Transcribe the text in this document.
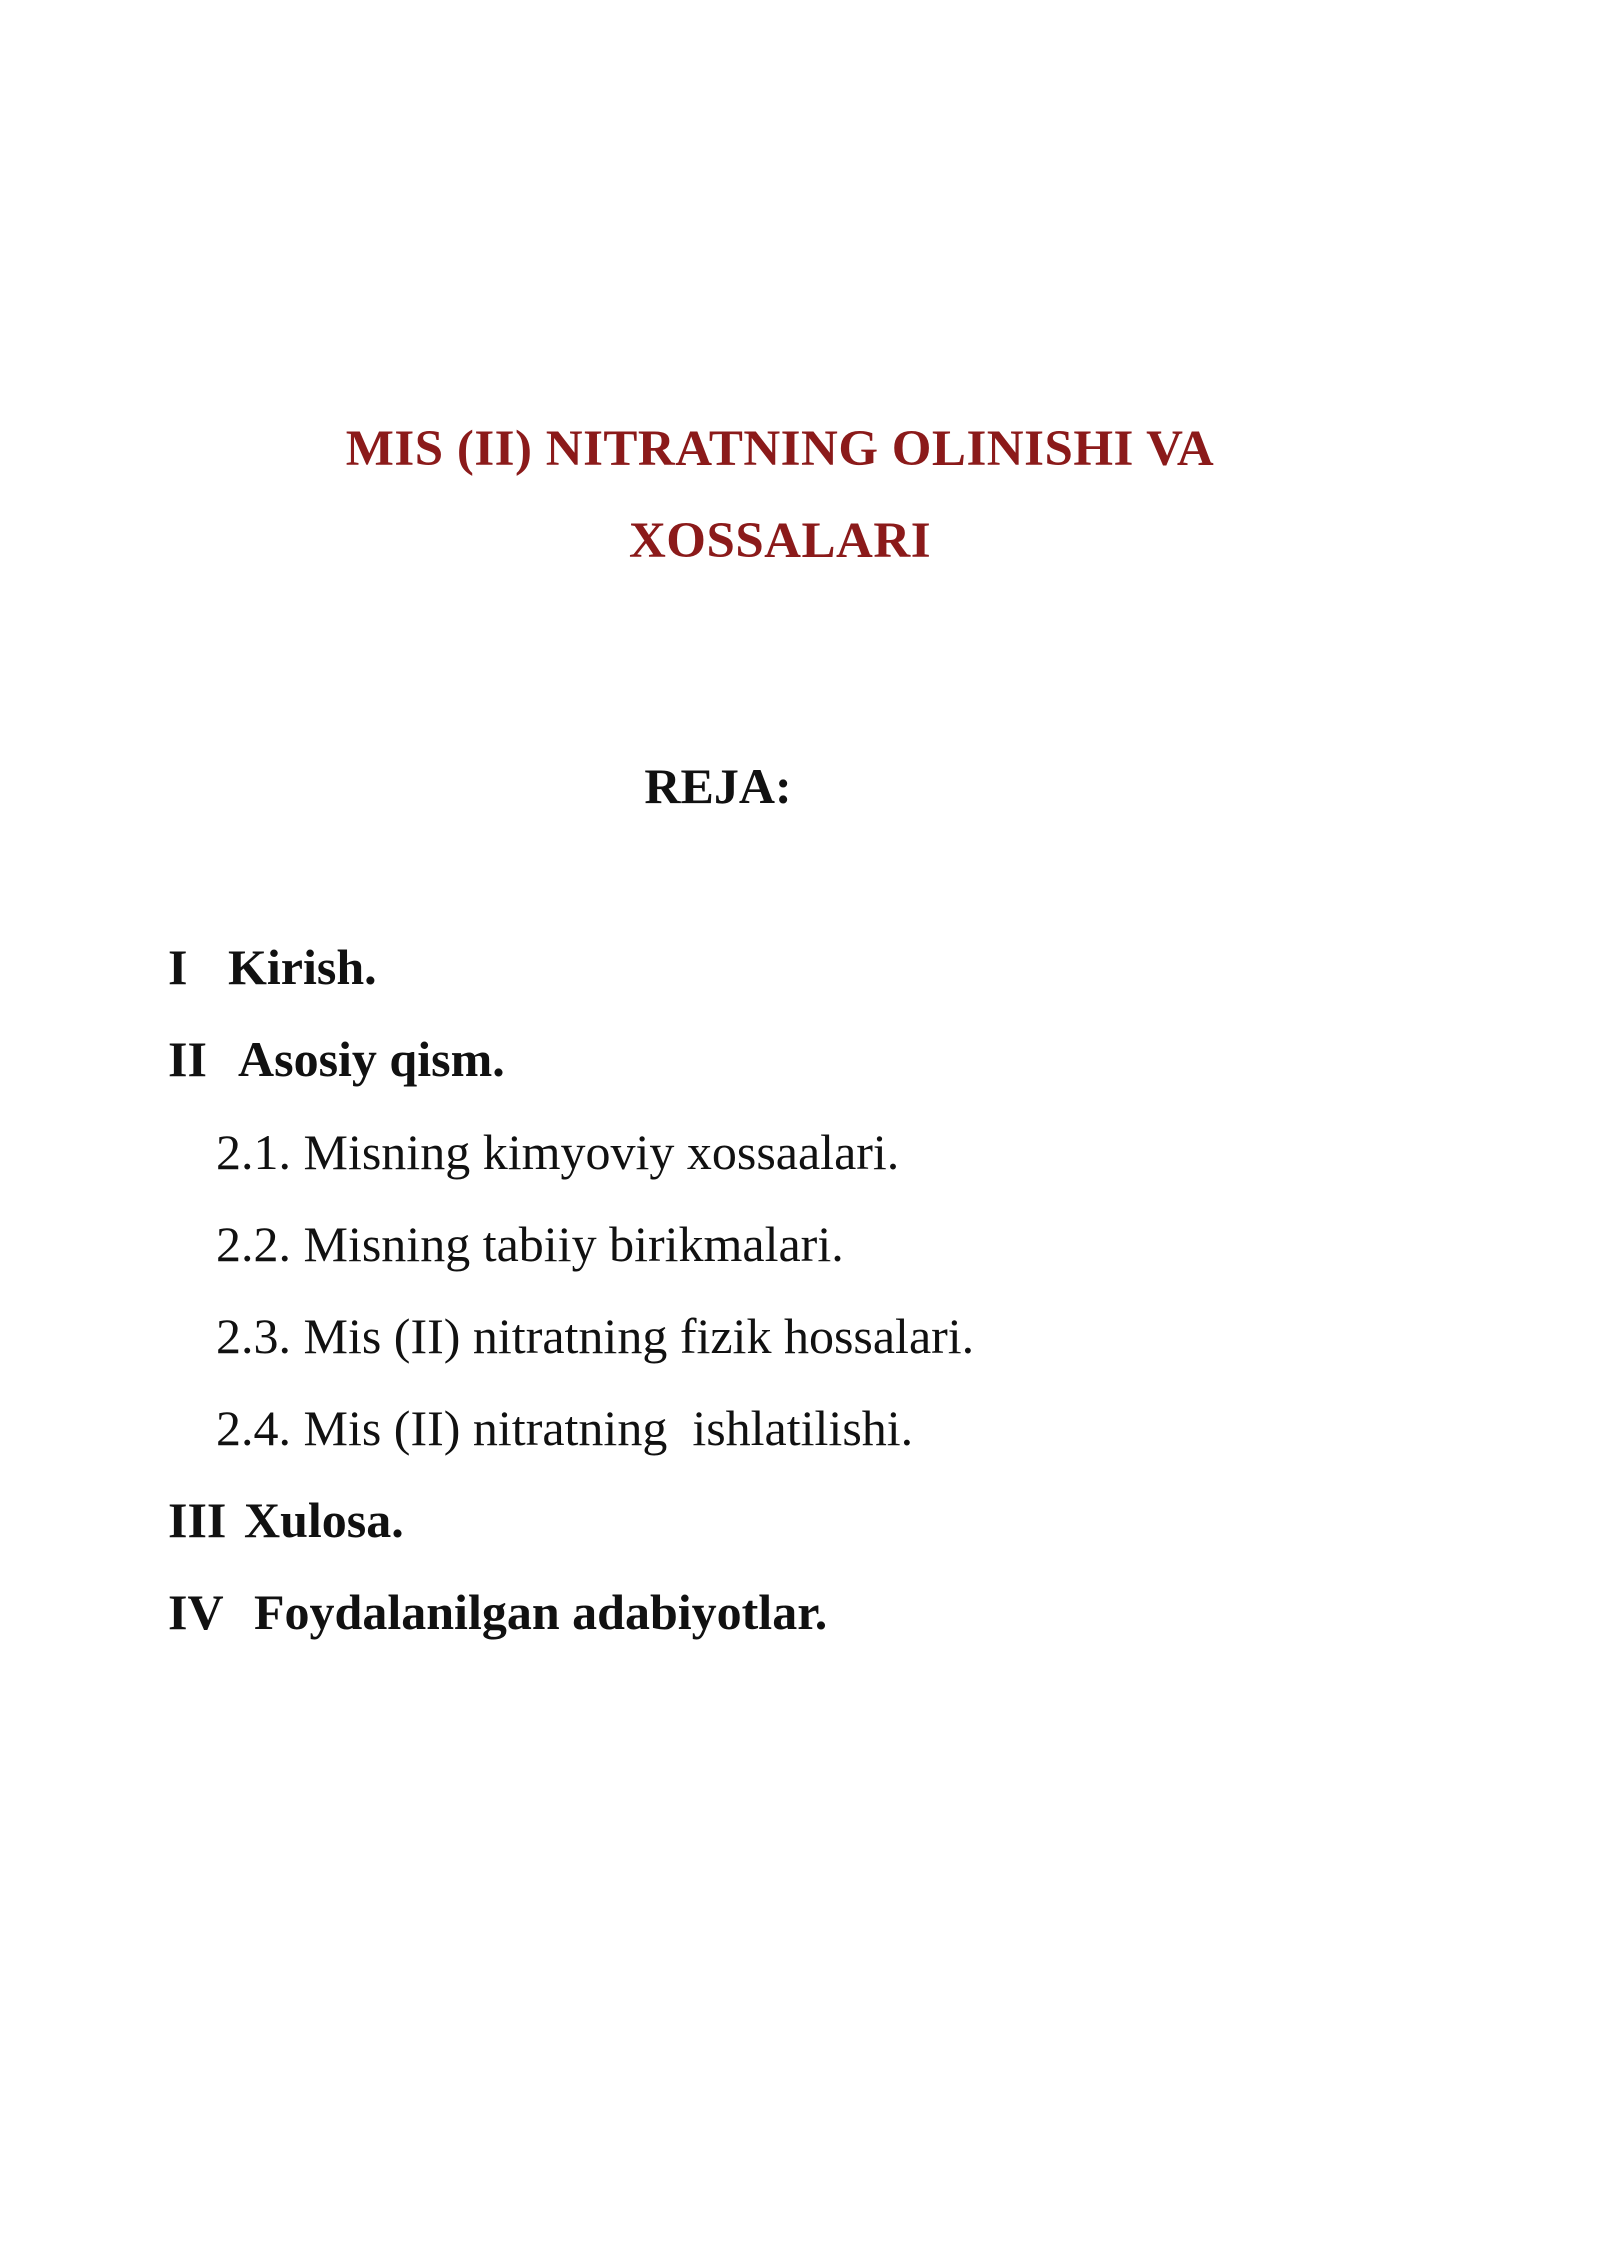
MIS (II) NITRATNING OLINISHI VA
XOSSALARI
REJA:
I Kirish.
II Asosiy qism.
2.1. Misning kimyoviy xossaalari.
2.2. Misning tabiiy birikmalari.
2.3. Mis (II) nitratning fizik hossalari.
2.4. Mis (II) nitratning  ishlatilishi.
III Xulosa.
IV Foydalanilgan adabiyotlar.
